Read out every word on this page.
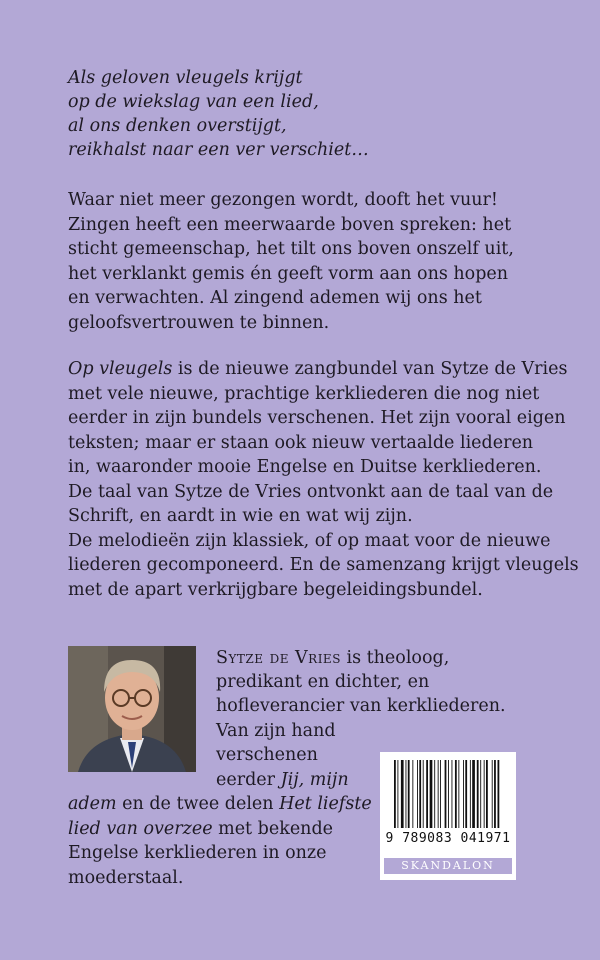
Als geloven vleugels krijgt
op de wiekslag van een lied,
al ons denken overstijgt,
reikhalst naar een ver verschiet…
Waar niet meer gezongen wordt, dooft het vuur!
Zingen heeft een meerwaarde boven spreken: het
sticht gemeenschap, het tilt ons boven onszelf uit,
het verklankt gemis én geeft vorm aan ons hopen
en verwachten. Al zingend ademen wij ons het
geloofsvertrouwen te binnen.
Op vleugels is de nieuwe zangbundel van Sytze de Vries
met vele nieuwe, prachtige kerkliederen die nog niet
eerder in zijn bundels verschenen. Het zijn vooral eigen
teksten; maar er staan ook nieuw vertaalde liederen
in, waaronder mooie Engelse en Duitse kerkliederen.
De taal van Sytze de Vries ontvonkt aan de taal van de
Schrift, en aardt in wie en wat wij zijn.
De melodieën zijn klassiek, of op maat voor de nieuwe
liederen gecomponeerd. En de samenzang krijgt vleugels
met de apart verkrijgbare begeleidingsbundel.
Sytze de Vries is theoloog,
predikant en dichter, en
hofleverancier van kerkliederen.
Van zijn hand
verschenen
eerder Jij, mijn
adem en de twee delen Het liefste
lied van overzee met bekende
Engelse kerkliederen in onze
moederstaal.
9 789083 041971
SKANDALON
